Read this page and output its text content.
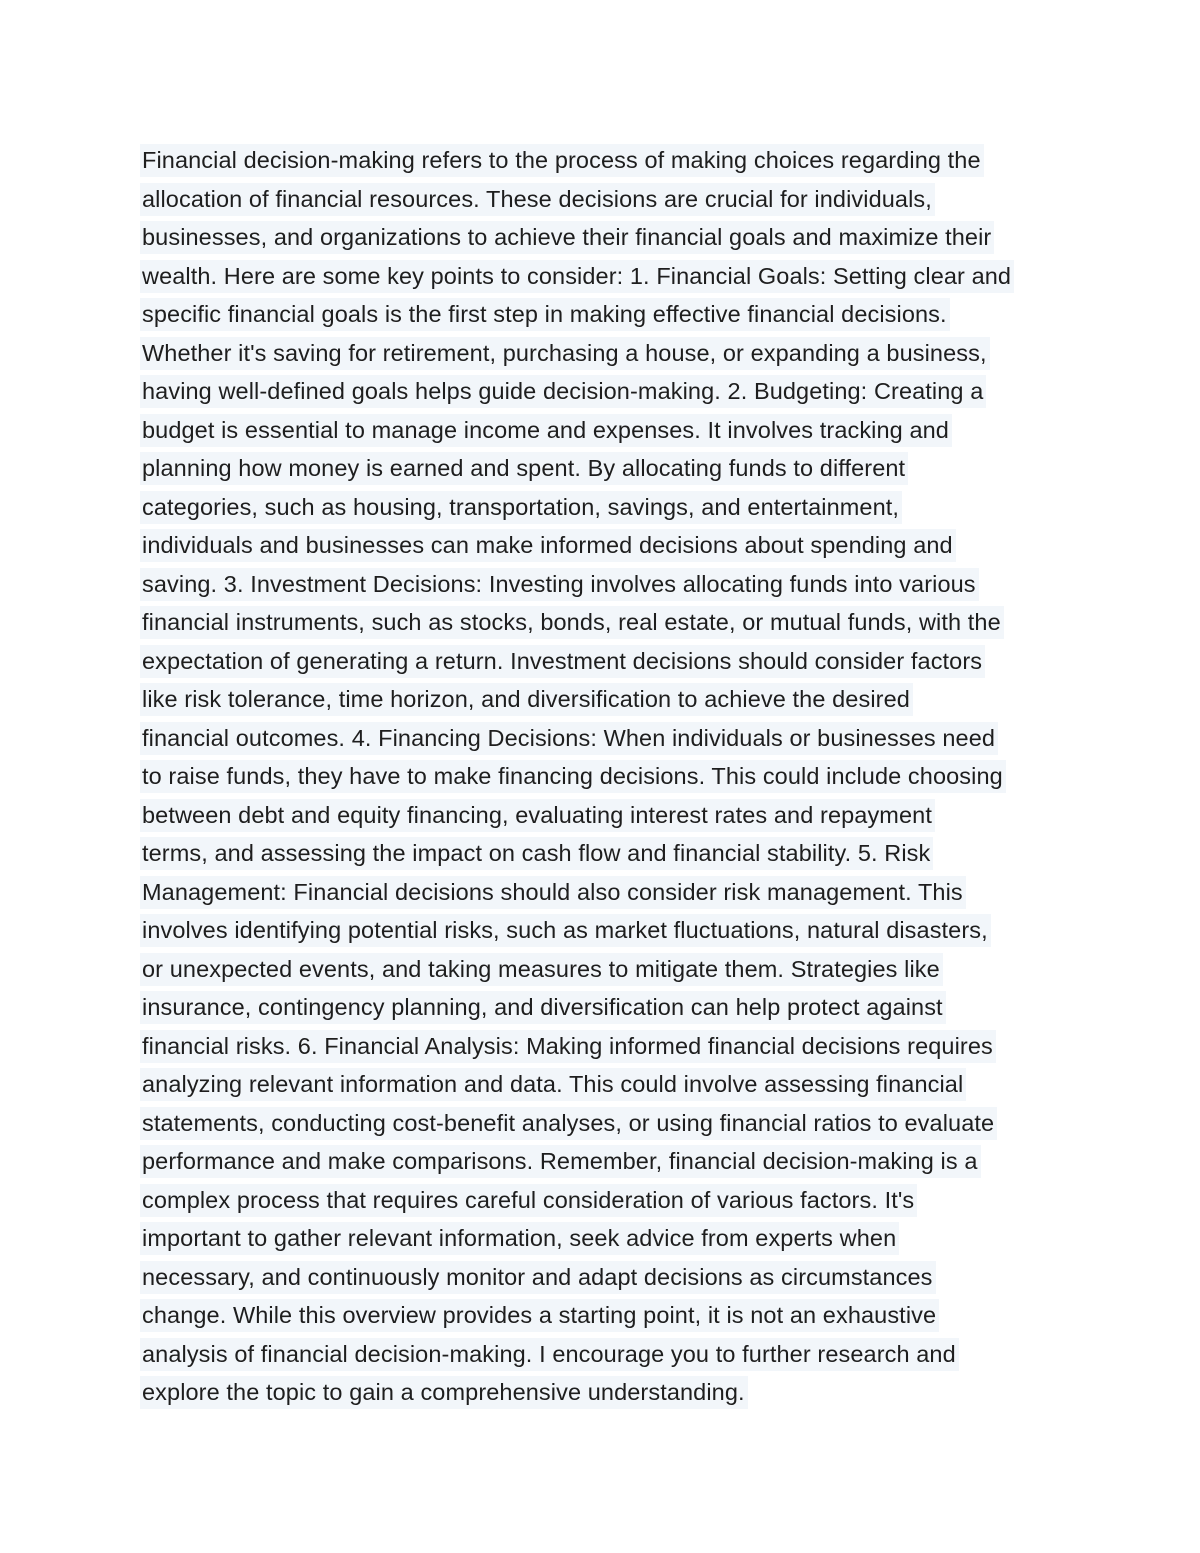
Financial decision-making refers to the process of making choices regarding the
allocation of financial resources. These decisions are crucial for individuals,
businesses, and organizations to achieve their financial goals and maximize their
wealth. Here are some key points to consider: 1. Financial Goals: Setting clear and
specific financial goals is the first step in making effective financial decisions.
Whether it's saving for retirement, purchasing a house, or expanding a business,
having well-defined goals helps guide decision-making. 2. Budgeting: Creating a
budget is essential to manage income and expenses. It involves tracking and
planning how money is earned and spent. By allocating funds to different
categories, such as housing, transportation, savings, and entertainment,
individuals and businesses can make informed decisions about spending and
saving. 3. Investment Decisions: Investing involves allocating funds into various
financial instruments, such as stocks, bonds, real estate, or mutual funds, with the
expectation of generating a return. Investment decisions should consider factors
like risk tolerance, time horizon, and diversification to achieve the desired
financial outcomes. 4. Financing Decisions: When individuals or businesses need
to raise funds, they have to make financing decisions. This could include choosing
between debt and equity financing, evaluating interest rates and repayment
terms, and assessing the impact on cash flow and financial stability. 5. Risk
Management: Financial decisions should also consider risk management. This
involves identifying potential risks, such as market fluctuations, natural disasters,
or unexpected events, and taking measures to mitigate them. Strategies like
insurance, contingency planning, and diversification can help protect against
financial risks. 6. Financial Analysis: Making informed financial decisions requires
analyzing relevant information and data. This could involve assessing financial
statements, conducting cost-benefit analyses, or using financial ratios to evaluate
performance and make comparisons. Remember, financial decision-making is a
complex process that requires careful consideration of various factors. It's
important to gather relevant information, seek advice from experts when
necessary, and continuously monitor and adapt decisions as circumstances
change. While this overview provides a starting point, it is not an exhaustive
analysis of financial decision-making. I encourage you to further research and
explore the topic to gain a comprehensive understanding.
